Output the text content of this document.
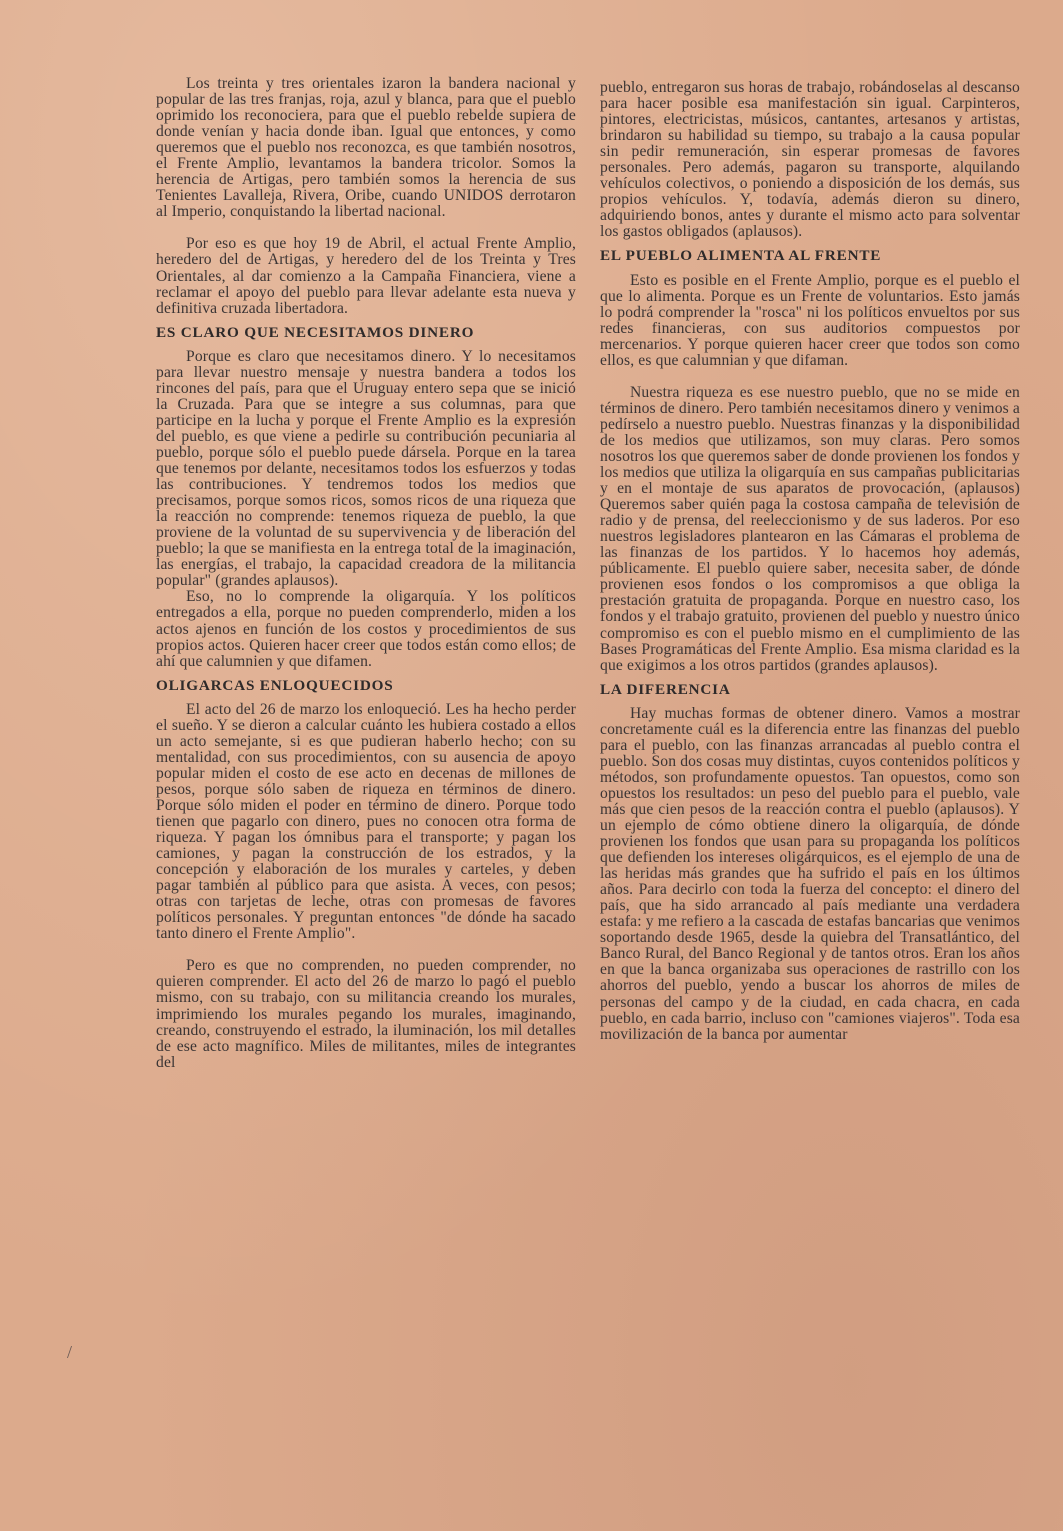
Los treinta y tres orientales izaron la bandera nacional y popular de las tres franjas, roja, azul y blanca, para que el pueblo oprimido los reconociera, para que el pueblo rebelde supiera de donde venían y hacia donde iban. Igual que entonces, y como queremos que el pueblo nos reconozca, es que también nosotros, el Frente Amplio, levantamos la bandera tricolor. Somos la herencia de Artigas, pero también somos la herencia de sus Tenientes Lavalleja, Rivera, Oribe, cuando UNIDOS derrotaron al Imperio, conquistando la libertad nacional.

Por eso es que hoy 19 de Abril, el actual Frente Amplio, heredero del de Artigas, y heredero del de los Treinta y Tres Orientales, al dar comienzo a la Campaña Financiera, viene a reclamar el apoyo del pueblo para llevar adelante esta nueva y definitiva cruzada libertadora.

ES CLARO QUE NECESITAMOS DINERO

Porque es claro que necesitamos dinero. Y lo necesitamos para llevar nuestro mensaje y nuestra bandera a todos los rincones del país, para que el Uruguay entero sepa que se inició la Cruzada. Para que se integre a sus columnas, para que participe en la lucha y porque el Frente Amplio es la expresión del pueblo, es que viene a pedirle su contribución pecuniaria al pueblo, porque sólo el pueblo puede dársela. Porque en la tarea que tenemos por delante, necesitamos todos los esfuerzos y todas las contribuciones. Y tendremos todos los medios que precisamos, porque somos ricos, somos ricos de una riqueza que la reacción no comprende: tenemos riqueza de pueblo, la que proviene de la voluntad de su supervivencia y de liberación del pueblo; la que se manifiesta en la entrega total de la imaginación, las energías, el trabajo, la capacidad creadora de la militancia popular" (grandes aplausos).

Eso, no lo comprende la oligarquía. Y los políticos entregados a ella, porque no pueden comprenderlo, miden a los actos ajenos en función de los costos y procedimientos de sus propios actos. Quieren hacer creer que todos están como ellos; de ahí que calumnien y que difamen.

OLIGARCAS ENLOQUECIDOS

El acto del 26 de marzo los enloqueció. Les ha hecho perder el sueño. Y se dieron a calcular cuánto les hubiera costado a ellos un acto semejante, si es que pudieran haberlo hecho; con su mentalidad, con sus procedimientos, con su ausencia de apoyo popular miden el costo de ese acto en decenas de millones de pesos, porque sólo saben de riqueza en términos de dinero. Porque sólo miden el poder en término de dinero. Porque todo tienen que pagarlo con dinero, pues no conocen otra forma de riqueza. Y pagan los ómnibus para el transporte; y pagan los camiones, y pagan la construcción de los estrados, y la concepción y elaboración de los murales y carteles, y deben pagar también al público para que asista. A veces, con pesos; otras con tarjetas de leche, otras con promesas de favores políticos personales. Y preguntan entonces "de dónde ha sacado tanto dinero el Frente Amplio".

Pero es que no comprenden, no pueden comprender, no quieren comprender. El acto del 26 de marzo lo pagó el pueblo mismo, con su trabajo, con su militancia creando los murales, imprimiendo los murales pegando los murales, imaginando, creando, construyendo el estrado, la iluminación, los mil detalles de ese acto magnífico. Miles de militantes, miles de integrantes del

pueblo, entregaron sus horas de trabajo, robándoselas al descanso para hacer posible esa manifestación sin igual. Carpinteros, pintores, electricistas, músicos, cantantes, artesanos y artistas, brindaron su habilidad su tiempo, su trabajo a la causa popular sin pedir remuneración, sin esperar promesas de favores personales. Pero además, pagaron su transporte, alquilando vehículos colectivos, o poniendo a disposición de los demás, sus propios vehículos. Y, todavía, además dieron su dinero, adquiriendo bonos, antes y durante el mismo acto para solventar los gastos obligados (aplausos).

EL PUEBLO ALIMENTA AL FRENTE

Esto es posible en el Frente Amplio, porque es el pueblo el que lo alimenta. Porque es un Frente de voluntarios. Esto jamás lo podrá comprender la "rosca" ni los políticos envueltos por sus redes financieras, con sus auditorios compuestos por mercenarios. Y porque quieren hacer creer que todos son como ellos, es que calumnian y que difaman.

Nuestra riqueza es ese nuestro pueblo, que no se mide en términos de dinero. Pero también necesitamos dinero y venimos a pedírselo a nuestro pueblo. Nuestras finanzas y la disponibilidad de los medios que utilizamos, son muy claras. Pero somos nosotros los que queremos saber de donde provienen los fondos y los medios que utiliza la oligarquía en sus campañas publicitarias y en el montaje de sus aparatos de provocación, (aplausos) Queremos saber quién paga la costosa campaña de televisión de radio y de prensa, del reeleccionismo y de sus laderos. Por eso nuestros legisladores plantearon en las Cámaras el problema de las finanzas de los partidos. Y lo hacemos hoy además, públicamente. El pueblo quiere saber, necesita saber, de dónde provienen esos fondos o los compromisos a que obliga la prestación gratuita de propaganda. Porque en nuestro caso, los fondos y el trabajo gratuito, provienen del pueblo y nuestro único compromiso es con el pueblo mismo en el cumplimiento de las Bases Programáticas del Frente Amplio. Esa misma claridad es la que exigimos a los otros partidos (grandes aplausos).

LA DIFERENCIA

Hay muchas formas de obtener dinero. Vamos a mostrar concretamente cuál es la diferencia entre las finanzas del pueblo para el pueblo, con las finanzas arrancadas al pueblo contra el pueblo. Son dos cosas muy distintas, cuyos contenidos políticos y métodos, son profundamente opuestos. Tan opuestos, como son opuestos los resultados: un peso del pueblo para el pueblo, vale más que cien pesos de la reacción contra el pueblo (aplausos). Y un ejemplo de cómo obtiene dinero la oligarquía, de dónde provienen los fondos que usan para su propaganda los políticos que defienden los intereses oligárquicos, es el ejemplo de una de las heridas más grandes que ha sufrido el país en los últimos años. Para decirlo con toda la fuerza del concepto: el dinero del país, que ha sido arrancado al país mediante una verdadera estafa: y me refiero a la cascada de estafas bancarias que venimos soportando desde 1965, desde la quiebra del Transatlántico, del Banco Rural, del Banco Regional y de tantos otros. Eran los años en que la banca organizaba sus operaciones de rastrillo con los ahorros del pueblo, yendo a buscar los ahorros de miles de personas del campo y de la ciudad, en cada chacra, en cada pueblo, en cada barrio, incluso con "camiones viajeros". Toda esa movilización de la banca por aumentar

/
